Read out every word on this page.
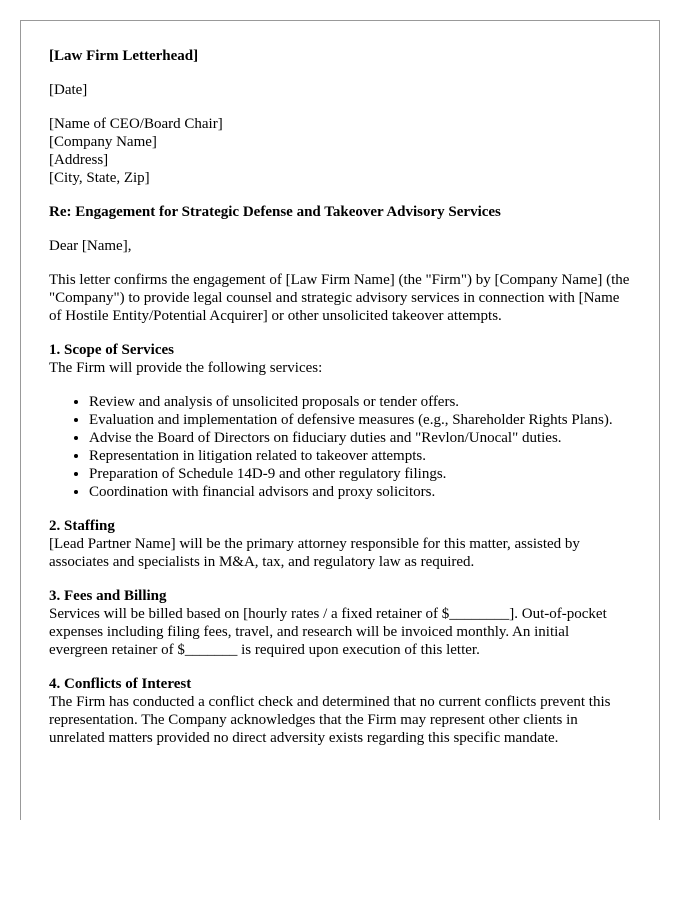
[Law Firm Letterhead]

[Date]

[Name of CEO/Board Chair]
[Company Name]
[Address]
[City, State, Zip]

Re: Engagement for Strategic Defense and Takeover Advisory Services

Dear [Name],

This letter confirms the engagement of [Law Firm Name] (the "Firm") by [Company Name] (the "Company") to provide legal counsel and strategic advisory services in connection with [Name of Hostile Entity/Potential Acquirer] or other unsolicited takeover attempts.

1. Scope of Services
The Firm will provide the following services:
• Review and analysis of unsolicited proposals or tender offers.
• Evaluation and implementation of defensive measures (e.g., Shareholder Rights Plans).
• Advise the Board of Directors on fiduciary duties and "Revlon/Unocal" duties.
• Representation in litigation related to takeover attempts.
• Preparation of Schedule 14D-9 and other regulatory filings.
• Coordination with financial advisors and proxy solicitors.
2. Staffing
[Lead Partner Name] will be the primary attorney responsible for this matter, assisted by associates and specialists in M&A, tax, and regulatory law as required.
3. Fees and Billing
Services will be billed based on [hourly rates / a fixed retainer of $________]. Out-of-pocket expenses including filing fees, travel, and research will be invoiced monthly. An initial evergreen retainer of $_______ is required upon execution of this letter.
4. Conflicts of Interest
The Firm has conducted a conflict check and determined that no current conflicts prevent this representation. The Company acknowledges that the Firm may represent other clients in unrelated matters provided no direct adversity exists regarding this specific mandate.
